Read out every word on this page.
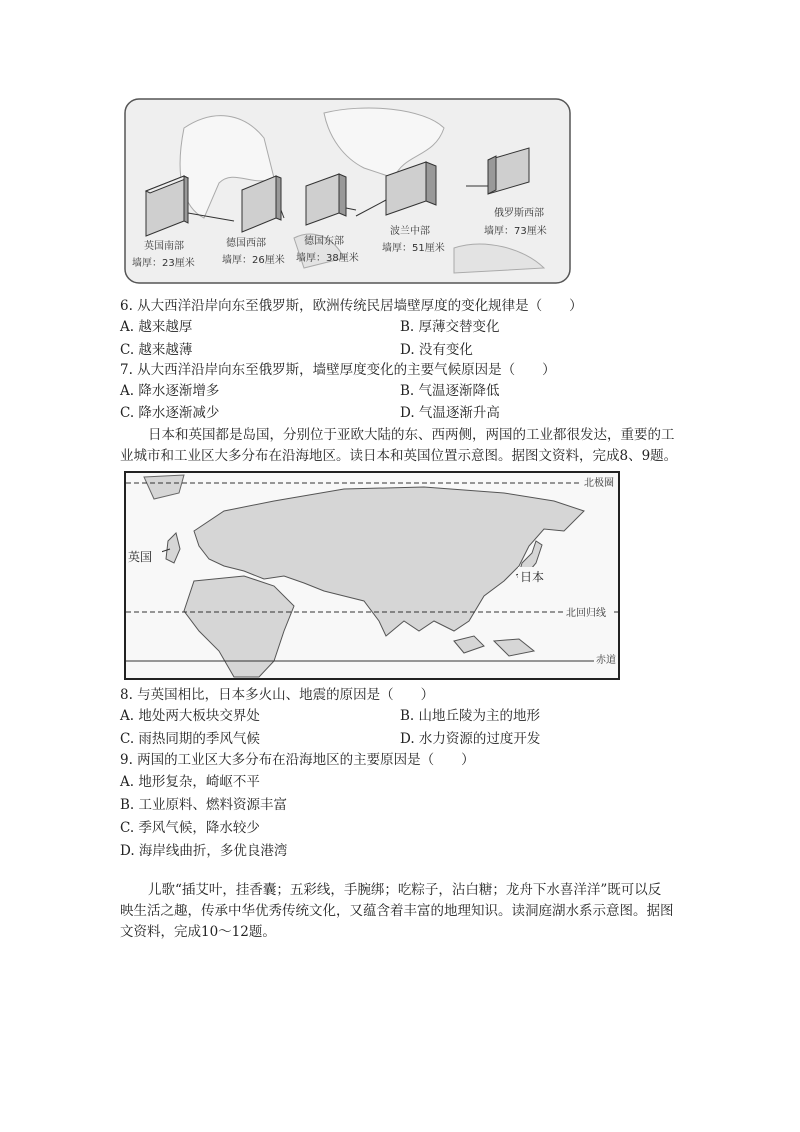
英国南部
墙厚：23厘米
德国西部
墙厚：26厘米
德国东部
墙厚：38厘米
波兰中部
墙厚：51厘米
俄罗斯西部
墙厚：73厘米
6. 从大西洋沿岸向东至俄罗斯，欧洲传统民居墙壁厚度的变化规律是（　　）
A. 越来越厚	B. 厚薄交替变化
C. 越来越薄	D. 没有变化
7. 从大西洋沿岸向东至俄罗斯，墙壁厚度变化的主要气候原因是（　　）
A. 降水逐渐增多	B. 气温逐渐降低
C. 降水逐渐减少	D. 气温逐渐升高
日本和英国都是岛国，分别位于亚欧大陆的东、西两侧，两国的工业都很发达，重要的工
业城市和工业区大多分布在沿海地区。读日本和英国位置示意图。据图文资料，完成8、9题。
英国
日本
北极圈
北回归线
赤道
8. 与英国相比，日本多火山、地震的原因是（　　）
A. 地处两大板块交界处	B. 山地丘陵为主的地形
C. 雨热同期的季风气候	D. 水力资源的过度开发
9. 两国的工业区大多分布在沿海地区的主要原因是（　　）
A. 地形复杂，崎岖不平
B. 工业原料、燃料资源丰富
C. 季风气候，降水较少
D. 海岸线曲折，多优良港湾
儿歌“插艾叶，挂香囊；五彩线，手腕绑；吃粽子，沾白糖；龙舟下水喜洋洋”既可以反
映生活之趣，传承中华优秀传统文化，又蕴含着丰富的地理知识。读洞庭湖水系示意图。据图
文资料，完成10～12题。
